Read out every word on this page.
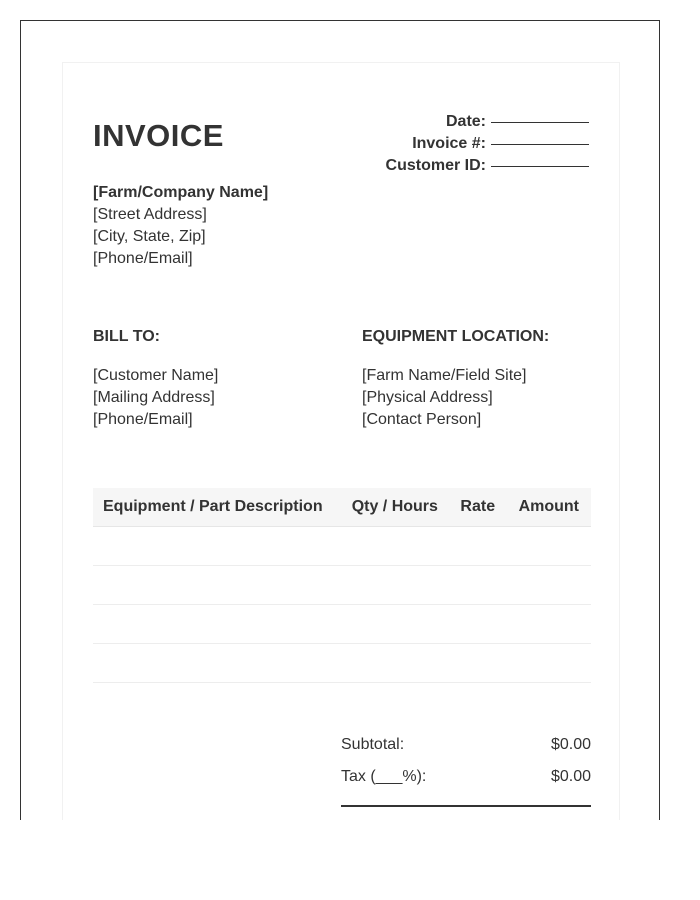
INVOICE	Date:
Invoice #:
Customer ID:
[Farm/Company Name]
[Street Address]
[City, State, Zip]
[Phone/Email]
BILL TO:
[Customer Name]
[Mailing Address]
[Phone/Email]
EQUIPMENT LOCATION:
[Farm Name/Field Site]
[Physical Address]
[Contact Person]
Equipment / Part Description	Qty / Hours	Rate	Amount

Subtotal:	$0.00
Tax (___%):	$0.00
